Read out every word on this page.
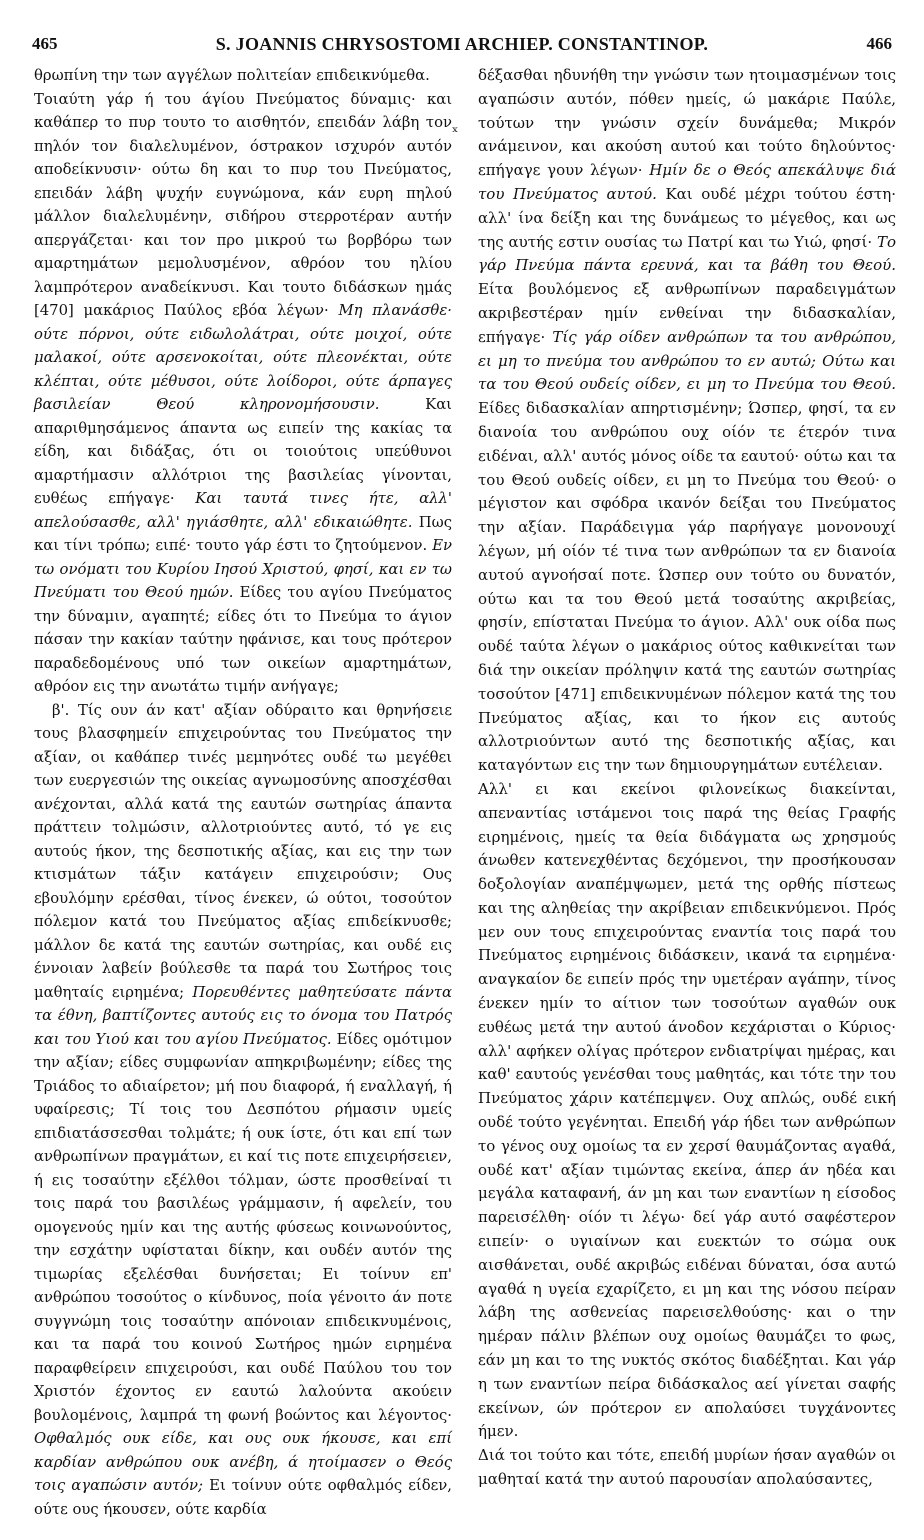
465	S. JOANNIS CHRYSOSTOMI ARCHIEP. CONSTANTINOP.	466
ₓ

θρωπίνη την των αγγέλων πολιτείαν επιδεικνύμεθα.

Τοιαύτη γάρ ή του άγίου Πνεύματος δύναμις· και καθάπερ το πυρ τουτο το αισθητόν, επειδάν λάβη τον πηλόν τον διαλελυμένον, όστρακον ισχυρόν αυτόν αποδείκνυσιν· ούτω δη και το πυρ του Πνεύματος, επειδάν λάβη ψυχήν ευγνώμονα, κάν ευρη πηλού μάλλον διαλελυμένην, σιδήρου στερροτέραν αυτήν απεργάζεται· και τον προ μικρού τω βορβόρω των αμαρτημάτων μεμολυσμένον, αθρόον του ηλίου λαμπρότερον αναδείκνυσι. Και τουτο διδάσκων ημάς [470] μακάριος Παύλος εβόα λέγων· Μη πλανάσθε· ούτε πόρνοι, ούτε ειδωλολάτραι, ούτε μοιχοί, ούτε μαλακοί, ούτε αρσενοκοίται, ούτε πλεονέκται, ούτε κλέπται, ούτε μέθυσοι, ούτε λοίδοροι, ούτε άρπαγες βασιλείαν Θεού κληρονομήσουσιν.	Και απαριθμησάμενος άπαντα ως ειπείν της κακίας τα είδη, και διδάξας, ότι οι τοιούτοις υπεύθυνοι αμαρτήμασιν αλλότριοι της βασιλείας γίνονται, ευθέως επήγαγε· Και ταυτά τινες ήτε, αλλ' απελούσασθε, αλλ' ηγιάσθητε, αλλ' εδικαιώθητε. Πως και τίνι τρόπω; ειπέ· τουτο γάρ έστι το ζητούμενον. Εν τω ονόματι του Κυρίου Ιησού Χριστού, φησί, και εν τω Πνεύματι του Θεού ημών. Είδες του αγίου Πνεύματος την δύναμιν, αγαπητέ; είδες ότι το Πνεύμα το άγιον πάσαν την κακίαν ταύτην ηφάνισε, και τους πρότερον παραδεδομένους υπό των οικείων αμαρτημάτων, αθρόον εις την ανωτάτω τιμήν ανήγαγε;

β'. Τίς ουν άν κατ' αξίαν οδύραιτο και θρηνήσειε τους βλασφημείν επιχειρούντας του Πνεύματος την αξίαν, οι καθάπερ τινές μεμηνότες ουδέ τω μεγέθει των ευεργεσιών της οικείας αγνωμοσύνης αποσχέσθαι ανέχονται, αλλά κατά της εαυτών σωτηρίας άπαντα πράττειν τολμώσιν, αλλοτριούντες αυτό, τό γε εις αυτούς ήκον, της δεσποτικής αξίας, και εις την των κτισμάτων τάξιν κατάγειν επιχειρούσιν; Ους εβουλόμην ερέσθαι, τίνος ένεκεν, ώ ούτοι, τοσούτον πόλεμον κατά του Πνεύματος αξίας επιδείκνυσθε; μάλλον δε κατά της εαυτών σωτηρίας, και ουδέ εις έννοιαν λαβείν βούλεσθε τα παρά του Σωτήρος τοις μαθηταίς ειρημένα; Πορευθέντες μαθητεύσατε πάντα τα έθνη, βαπτίζοντες αυτούς εις το όνομα του Πατρός και του Υιού και του αγίου Πνεύματος. Είδες ομότιμον την αξίαν; είδες συμφωνίαν απηκριβωμένην; είδες της Τριάδος το αδιαίρετον; μή που διαφορά, ή εναλλαγή, ή υφαίρεσις; Τί τοις του Δεσπότου ρήμασιν υμείς επιδιατάσσεσθαι τολμάτε; ή ουκ ίστε, ότι και επί των ανθρωπίνων πραγμάτων, ει καί τις ποτε επιχειρήσειεν, ή εις τοσαύτην εξέλθοι τόλμαν, ώστε προσθείναί τι τοις παρά του βασιλέως γράμμασιν, ή αφελείν, του ομογενούς ημίν και της αυτής φύσεως κοινωνούντος, την εσχάτην υφίσταται δίκην, και ουδέν αυτόν της τιμωρίας εξελέσθαι δυνήσεται; Ει τοίνυν επ' ανθρώπου τοσούτος ο κίνδυνος, ποία γένοιτο άν ποτε συγγνώμη τοις τοσαύτην απόνοιαν επιδεικνυμένοις, και τα παρά του κοινού Σωτήρος ημών ειρημένα παραφθείρειν επιχειρούσι, και ουδέ Παύλου του τον Χριστόν έχοντος εν εαυτώ λαλούντα ακούειν βουλομένοις, λαμπρά τη φωνή βοώντος και λέγοντος· Οφθαλμός ουκ είδε, και ους ουκ ήκουσε, και επί καρδίαν ανθρώπου ουκ ανέβη, ά ητοίμασεν ο Θεός τοις αγαπώσιν αυτόν; Ει τοίνυν ούτε οφθαλμός είδεν, ούτε ους ήκουσεν, ούτε καρδία

δέξασθαι ηδυνήθη την γνώσιν των ητοιμασμένων τοις αγαπώσιν αυτόν, πόθεν ημείς, ώ μακάριε Παύλε, τούτων την γνώσιν σχείν δυνάμεθα; Μικρόν ανάμεινον, και ακούση αυτού και τούτο δηλούντος· επήγαγε γουν λέγων· Ημίν δε ο Θεός απεκάλυψε διά του Πνεύματος αυτού. Και ουδέ μέχρι τούτου έστη· αλλ' ίνα δείξη και της δυνάμεως το μέγεθος, και ως της αυτής εστιν ουσίας τω Πατρί και τω Υιώ, φησί· Το γάρ Πνεύμα πάντα ερευνά, και τα βάθη του Θεού. Είτα βουλόμενος εξ ανθρωπίνων παραδειγμάτων ακριβεστέραν ημίν ενθείναι την διδασκαλίαν, επήγαγε· Τίς γάρ οίδεν ανθρώπων τα του ανθρώπου, ει μη το πνεύμα του ανθρώπου το εν αυτώ; Ούτω και τα του Θεού ουδείς οίδεν, ει μη το Πνεύμα του Θεού. Είδες διδασκαλίαν απηρτισμένην; Ώσπερ, φησί, τα εν διανοία του ανθρώπου ουχ οίόν τε έτερόν τινα ειδέναι, αλλ' αυτός μόνος οίδε τα εαυτού· ούτω και τα του Θεού ουδείς οίδεν, ει μη το Πνεύμα του Θεού· ο μέγιστον και σφόδρα ικανόν δείξαι του Πνεύματος την αξίαν. Παράδειγμα γάρ παρήγαγε μονονουχί λέγων, μή οίόν τέ τινα των ανθρώπων τα εν διανοία αυτού αγνοήσαί ποτε. Ώσπερ ουν τούτο ου δυνατόν, ούτω και τα του Θεού μετά τοσαύτης ακριβείας, φησίν, επίσταται Πνεύμα το άγιον. Αλλ' ουκ οίδα πως ουδέ ταύτα λέγων ο μακάριος ούτος καθικνείται των διά την οικείαν πρόληψιν κατά της εαυτών σωτηρίας τοσούτον [471] επιδεικνυμένων πόλεμον κατά της του Πνεύματος αξίας, και το ήκον εις αυτούς αλλοτριούντων αυτό της δεσποτικής αξίας, και καταγόντων εις την των δημιουργημάτων ευτέλειαν.

Αλλ' ει και εκείνοι φιλονείκως διακείνται, απεναντίας ιστάμενοι τοις παρά της θείας Γραφής ειρημένοις, ημείς τα θεία διδάγματα ως χρησμούς άνωθεν κατενεχθέντας δεχόμενοι, την προσήκουσαν δοξολογίαν αναπέμψωμεν, μετά της ορθής πίστεως και της αληθείας την ακρίβειαν επιδεικνύμενοι. Πρός μεν ουν τους επιχειρούντας εναντία τοις παρά του Πνεύματος ειρημένοις διδάσκειν, ικανά τα ειρημένα· αναγκαίον δε ειπείν πρός την υμετέραν αγάπην, τίνος ένεκεν ημίν το αίτιον των τοσούτων αγαθών ουκ ευθέως μετά την αυτού άνοδον κεχάρισται ο Κύριος· αλλ' αφήκεν ολίγας πρότερον ενδιατρίψαι ημέρας, και καθ' εαυτούς γενέσθαι τους μαθητάς, και τότε την του Πνεύματος χάριν κατέπεμψεν. Ουχ απλώς, ουδέ εική ουδέ τούτο γεγένηται. Επειδή γάρ ήδει των ανθρώπων το γένος ουχ ομοίως τα εν χερσί θαυμάζοντας αγαθά, ουδέ κατ' αξίαν τιμώντας εκείνα, άπερ άν ηδέα και μεγάλα καταφανή, άν μη και των εναντίων η είσοδος παρεισέλθη· οίόν τι λέγω· δεί γάρ αυτό σαφέστερον ειπείν· ο υγιαίνων και ευεκτών το σώμα ουκ αισθάνεται, ουδέ ακριβώς ειδέναι δύναται, όσα αυτώ αγαθά η υγεία εχαρίζετο, ει μη και της νόσου πείραν λάβη της ασθενείας παρεισελθούσης· και ο την ημέραν πάλιν βλέπων ουχ ομοίως θαυμάζει το φως, εάν μη και το της νυκτός σκότος διαδέξηται. Και γάρ η των εναντίων πείρα διδάσκαλος αεί γίνεται σαφής εκείνων, ών πρότερον εν απολαύσει τυγχάνοντες ήμεν.

Διά τοι τούτο και τότε, επειδή μυρίων ήσαν αγαθών οι μαθηταί κατά την αυτού παρουσίαν απολαύσαντες,
